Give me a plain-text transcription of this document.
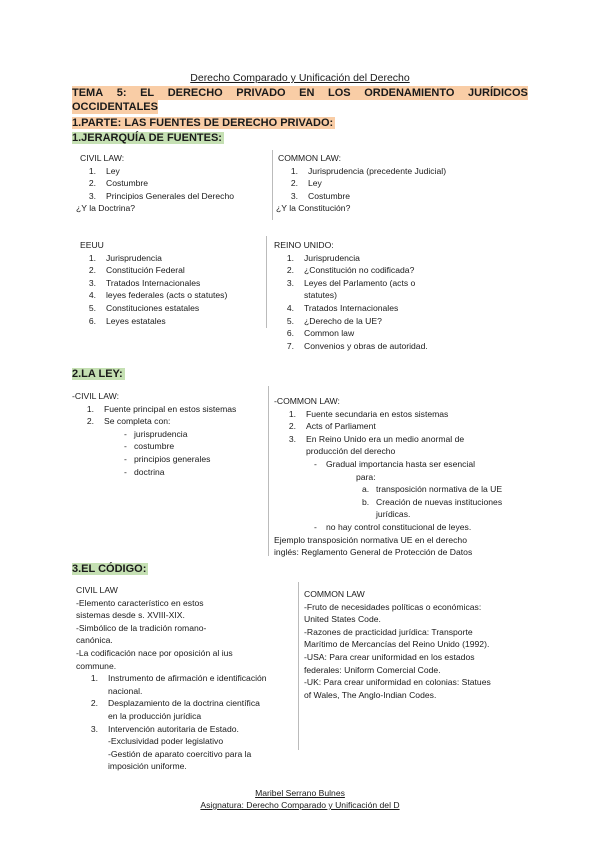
Derecho Comparado y Unificación del Derecho
TEMA 5: EL DERECHO PRIVADO EN LOS ORDENAMIENTO JURÍDICOS
OCCIDENTALES
1.PARTE: LAS FUENTES DE DERECHO PRIVADO:
1.JERARQUÍA DE FUENTES:
CIVIL LAW:
1. Ley
2. Costumbre
3. Principios Generales del Derecho
¿Y la Doctrina?
COMMON LAW:
1. Jurisprudencia (precedente Judicial)
2. Ley
3. Costumbre
¿Y la Constitución?
EEUU
1. Jurisprudencia
2. Constitución Federal
3. Tratados Internacionales
4. leyes federales (acts o statutes)
5. Constituciones estatales
6. Leyes estatales
REINO UNIDO:
1. Jurisprudencia
2. ¿Constitución no codificada?
3. Leyes del Parlamento (acts o
statutes)
4. Tratados Internacionales
5. ¿Derecho de la UE?
6. Common law
7. Convenios y obras de autoridad.
2.LA LEY:
-CIVIL LAW:
1. Fuente principal en estos sistemas
2. Se completa con:
- jurisprudencia
- costumbre
- principios generales
- doctrina
-COMMON LAW:
1. Fuente secundaria en estos sistemas
2. Acts of Parliament
3. En Reino Unido era un medio anormal de
producción del derecho
-	Gradual importancia hasta ser esencial
para:
a. transposición normativa de la UE
b. Creación de nuevas instituciones
jurídicas.
-	no hay control constitucional de leyes.
Ejemplo transposición normativa UE en el derecho
inglés: Reglamento General de Protección de Datos
3.EL CÓDIGO:
CIVIL LAW
-Elemento característico en estos
sistemas desde s. XVIII-XIX.
-Simbólico de la tradición romano-
canónica.
-La codificación nace por oposición al ius
commune.
1. Instrumento de afirmación e identificación
nacional.
2. Desplazamiento de la doctrina científica
en la producción jurídica
3. Intervención autoritaria de Estado.
-Exclusividad poder legislativo
-Gestión de aparato coercitivo para la
imposición uniforme.
COMMON LAW
-Fruto de necesidades políticas o económicas:
United States Code.
-Razones de practicidad jurídica: Transporte
Marítimo de Mercancías del Reino Unido (1992).
-USA: Para crear uniformidad en los estados
federales: Uniform Comercial Code.
-UK: Para crear uniformidad en colonias: Statues
of Wales, The Anglo-Indian Codes.
Maribel Serrano Bulnes
Asignatura: Derecho Comparado y Unificación del D
